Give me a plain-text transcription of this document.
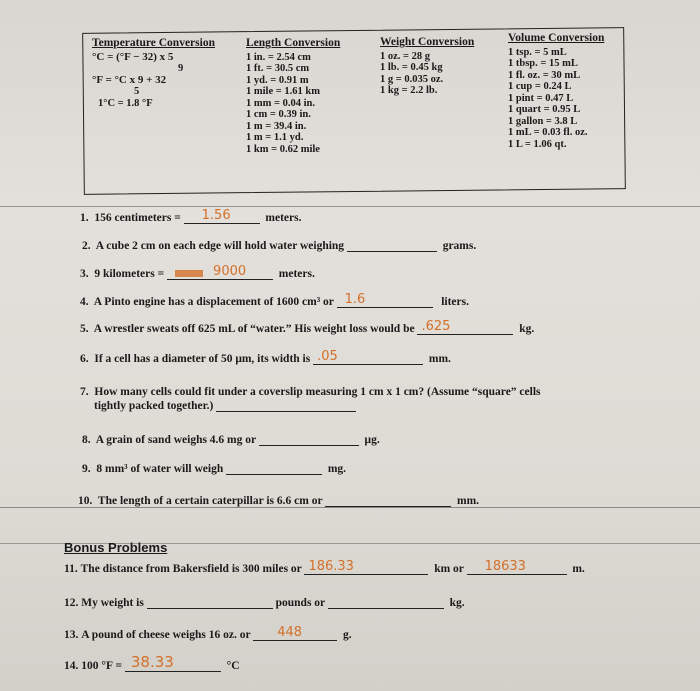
Temperature Conversion
°C = (°F − 32) x 5
9
°F = °C x 9 + 32
5
1°C = 1.8 °F
Length Conversion
1 in. = 2.54 cm
1 ft. = 30.5 cm
1 yd. = 0.91 m
1 mile = 1.61 km
1 mm = 0.04 in.
1 cm = 0.39 in.
1 m = 39.4 in.
1 m = 1.1 yd.
1 km = 0.62 mile
Weight Conversion
1 oz. = 28 g
1 lb. = 0.45 kg
1 g = 0.035 oz.
1 kg = 2.2 lb.
Volume Conversion
1 tsp. = 5 mL
1 tbsp. = 15 mL
1 fl. oz. = 30 mL
1 cup = 0.24 L
1 pint = 0.47 L
1 quart = 0.95 L
1 gallon = 3.8 L
1 mL = 0.03 fl. oz.
1 L = 1.06 qt.
1. 156 centimeters = 1.56	meters.
2. A cube 2 cm on each edge will hold water weighing	grams.
3. 9 kilometers =	9000	meters.
4. A Pinto engine has a displacement of 1600 cm³ or 1.6	liters.
5. A wrestler sweats off 625 mL of “water.” His weight loss would be .625	kg.
6. If a cell has a diameter of 50 μm, its width is .05	mm.
7. How many cells could fit under a coverslip measuring 1 cm x 1 cm? (Assume “square” cells
tightly packed together.)
8. A grain of sand weighs 4.6 mg or	μg.
9. 8 mm³ of water will weigh	mg.
10. The length of a certain caterpillar is 6.6 cm or	mm.
Bonus Problems
11. The distance from Bakersfield is 300 miles or 186.33	km or 18633	m.
12. My weight is	pounds or	kg.
13. A pound of cheese weighs 16 oz. or 448	g.
14. 100 °F = 38.33	°C
